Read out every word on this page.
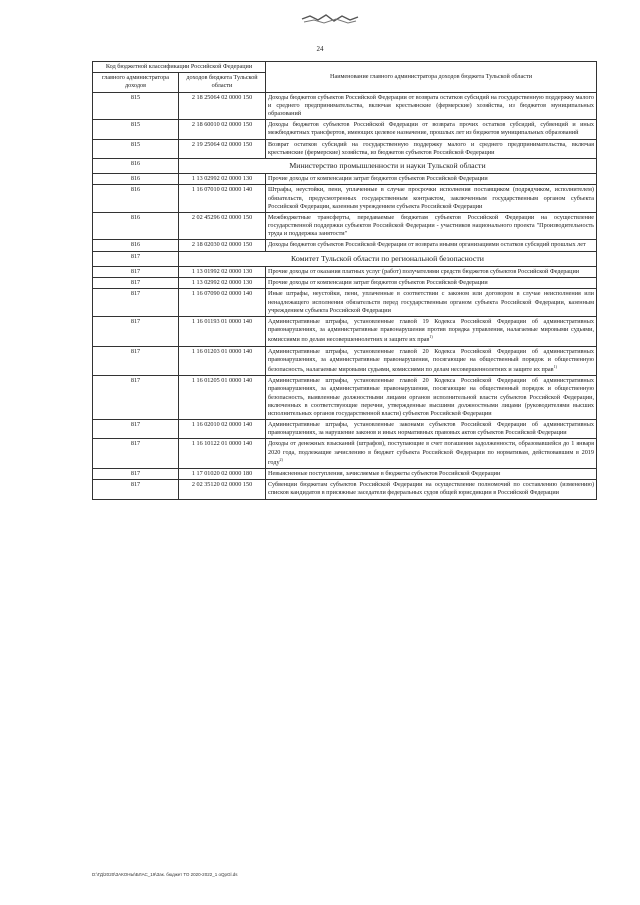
24
Код бюджетной классификации Российской Федерации		Наименование главного администратора доходов бюджета Тульской области
главного администратора доходов	доходов бюджета Тульской области	
815	2 18 25064 02 0000 150	Доходы бюджетов субъектов Российской Федерации от возврата остатков субсидий на государственную поддержку малого и среднего предпринимательства, включая крестьянские (фермерские) хозяйства, из бюджетов муниципальных образований
815	2 18 60010 02 0000 150	Доходы бюджетов субъектов Российской Федерации от возврата прочих остатков субсидий, субвенций и иных межбюджетных трансфертов, имеющих целевое назначение, прошлых лет из бюджетов муниципальных образований
815	2 19 25064 02 0000 150	Возврат остатков субсидий на государственную поддержку малого и среднего предпринимательства, включая крестьянские (фермерские) хозяйства, из бюджетов субъектов Российской Федерации
816	Министерство промышленности и науки Тульской области	
816	1 13 02992 02 0000 130	Прочие доходы от компенсации затрат бюджетов субъектов Российской Федерации
816	1 16 07010 02 0000 140	Штрафы, неустойки, пени, уплаченные в случае просрочки исполнения поставщиком (подрядчиком, исполнителем) обязательств, предусмотренных государственным контрактом, заключенным государственным органом субъекта Российской Федерации, казенным учреждением субъекта Российской Федерации
816	2 02 45296 02 0000 150	Межбюджетные трансферты, передаваемые бюджетам субъектов Российской Федерации на осуществление государственной поддержки субъектов Российской Федерации - участников национального проекта "Производительность труда и поддержка занятости"
816	2 18 02030 02 0000 150	Доходы бюджетов субъектов Российской Федерации от возврата иными организациями остатков субсидий прошлых лет
817	Комитет Тульской области по региональной безопасности	
817	1 13 01992 02 0000 130	Прочие доходы от оказания платных услуг (работ) получателями средств бюджетов субъектов Российской Федерации
817	1 13 02992 02 0000 130	Прочие доходы от компенсации затрат бюджетов субъектов Российской Федерации
817	1 16 07090 02 0000 140	Иные штрафы, неустойки, пени, уплаченные в соответствии с законом или договором в случае неисполнения или ненадлежащего исполнения обязательств перед государственным органом субъекта Российской Федерации, казенным учреждением субъекта Российской Федерации
817	1 16 01193 01 0000 140	Административные штрафы, установленные главой 19 Кодекса Российской Федерации об административных правонарушениях, за административные правонарушения против порядка управления, налагаемые мировыми судьями, комиссиями по делам несовершеннолетних и защите их прав$^{1)}$
817	1 16 01203 01 0000 140	Административные штрафы, установленные главой 20 Кодекса Российской Федерации об административных правонарушениях, за административные правонарушения, посягающие на общественный порядок и общественную безопасность, налагаемые мировыми судьями, комиссиями по делам несовершеннолетних и защите их прав$^{1)}$
817	1 16 01205 01 0000 140	Административные штрафы, установленные главой 20 Кодекса Российской Федерации об административных правонарушениях, за административные правонарушения, посягающие на общественный порядок и общественную безопасность, выявленные должностными лицами органов исполнительной власти субъектов Российской Федерации, включенных в соответствующие перечни, утвержденные высшими должностными лицами (руководителями высших исполнительных органов государственной власти) субъектов Российской Федерации
817	1 16 02010 02 0000 140	Административные штрафы, установленные законами субъектов Российской Федерации об административных правонарушениях, за нарушение законов и иных нормативных правовых актов субъектов Российской Федерации
817	1 16 10122 01 0000 140	Доходы от денежных взысканий (штрафов), поступающие в счет погашения задолженности, образовавшейся до 1 января 2020 года, подлежащие зачислению в бюджет субъекта Российской Федерации по нормативам, действовавшим в 2019 году$^{2)}$
817	1 17 01020 02 0000 180	Невыясненные поступления, зачисляемые в бюджеты субъектов Российской Федерации
817	2 02 35120 02 0000 150	Субвенции бюджетам субъектов Российской Федерации на осуществление полномочий по составлению (изменению) списков кандидатов в присяжные заседатели федеральных судов общей юрисдикции в Российской Федерации
D:\ГД\2020\ЗАКОНЫ\БЛАС_19\Зак. бюджет ТО 2020-2022_1 oQpGl.ds
